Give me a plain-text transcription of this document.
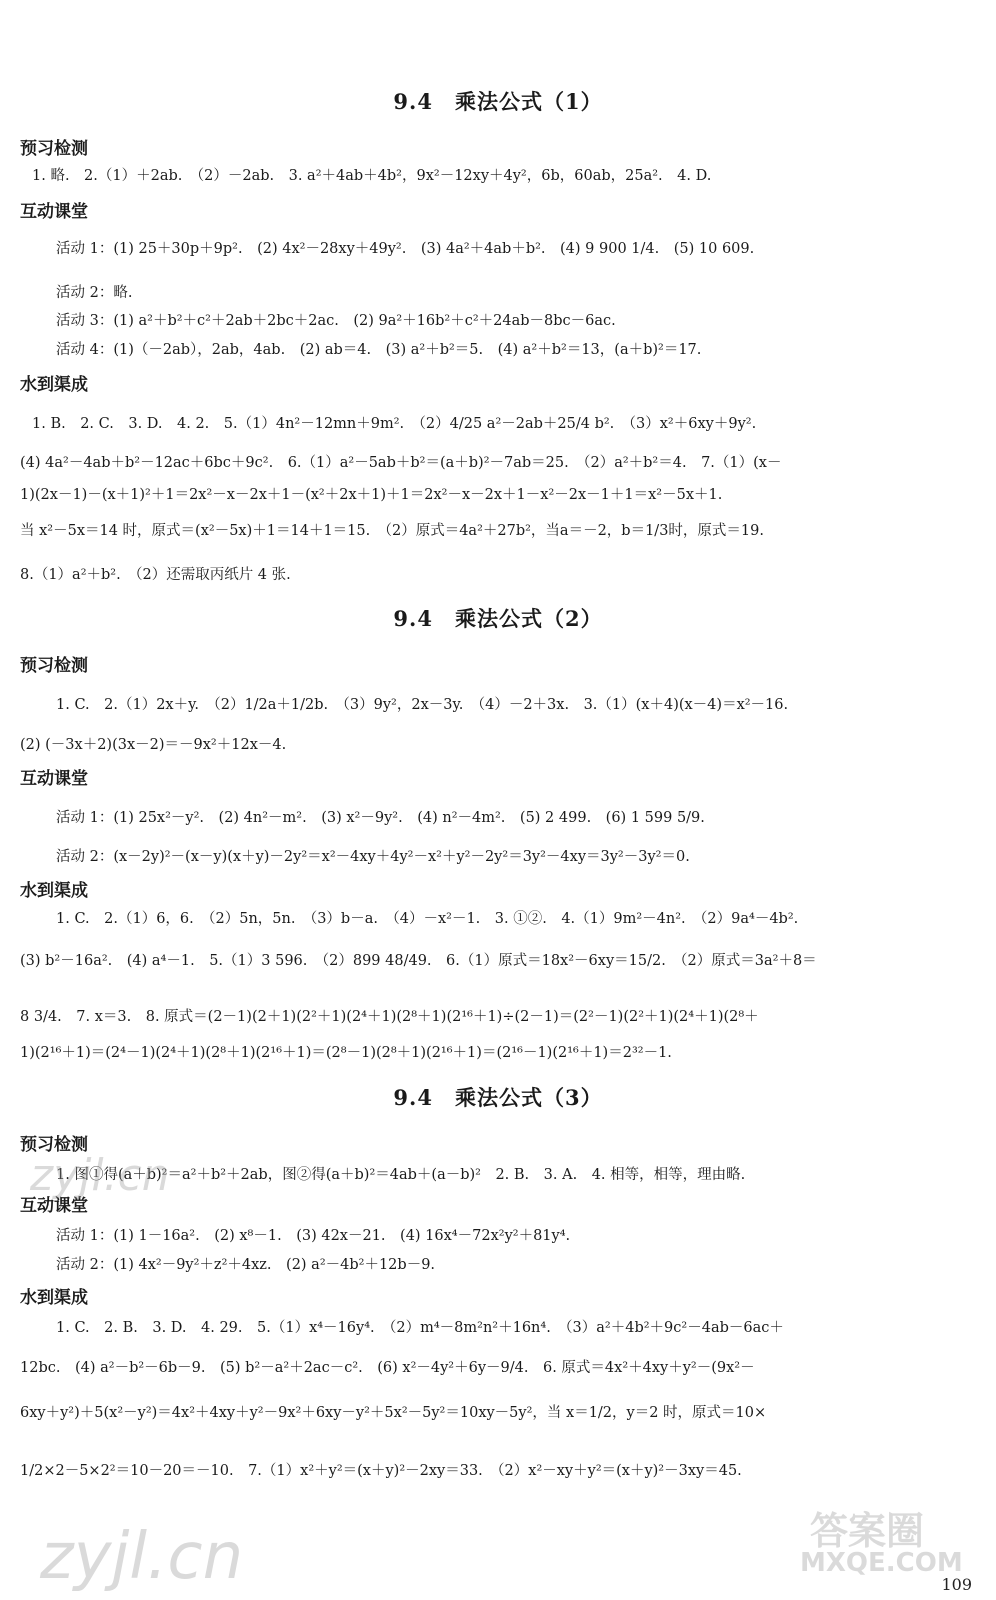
9.4　乘法公式（1）
预习检测
1. 略.　2.（1）＋2ab.　（2）－2ab.　3. a²＋4ab＋4b²，9x²－12xy＋4y²，6b，60ab，25a².　4. D.
互动课堂
活动 1：(1) 25＋30p＋9p².　(2) 4x²－28xy＋49y².　(3) 4a²＋4ab＋b².　(4) 9 900 1/4.　(5) 10 609.
活动 2：略.
活动 3：(1) a²＋b²＋c²＋2ab＋2bc＋2ac.　(2) 9a²＋16b²＋c²＋24ab－8bc－6ac.
活动 4：(1)（－2ab），2ab，4ab.　(2) ab＝4.　(3) a²＋b²＝5.　(4) a²＋b²＝13，(a＋b)²＝17.
水到渠成
1. B.　2. C.　3. D.　4. 2.　5.（1）4n²－12mn＋9m².　（2）4/25 a²－2ab＋25/4 b².　（3）x²＋6xy＋9y².
(4) 4a²－4ab＋b²－12ac＋6bc＋9c².　6.（1）a²－5ab＋b²＝(a＋b)²－7ab＝25.　（2）a²＋b²＝4.　7.（1）(x－
1)(2x－1)－(x＋1)²＋1＝2x²－x－2x＋1－(x²＋2x＋1)＋1＝2x²－x－2x＋1－x²－2x－1＋1＝x²－5x＋1.
当 x²－5x＝14 时，原式＝(x²－5x)＋1＝14＋1＝15.　（2）原式＝4a²＋27b²，当a＝－2，b＝1/3时，原式＝19.
8.（1）a²＋b².　（2）还需取丙纸片 4 张.
9.4　乘法公式（2）
预习检测
1. C.　2.（1）2x＋y.　（2）1/2a＋1/2b.　（3）9y²，2x－3y.　（4）－2＋3x.　3.（1）(x＋4)(x－4)＝x²－16.
(2) (－3x＋2)(3x－2)＝－9x²＋12x－4.
互动课堂
活动 1：(1) 25x²－y².　(2) 4n²－m².　(3) x²－9y².　(4) n²－4m².　(5) 2 499.　(6) 1 599 5/9.
活动 2：(x－2y)²－(x－y)(x＋y)－2y²＝x²－4xy＋4y²－x²＋y²－2y²＝3y²－4xy＝3y²－3y²＝0.
水到渠成
1. C.　2.（1）6，6.　（2）5n，5n.　（3）b－a.　（4）－x²－1.　3. ①②.　4.（1）9m²－4n².　（2）9a⁴－4b².
(3) b²－16a².　(4) a⁴－1.　5.（1）3 596.　（2）899 48/49.　6.（1）原式＝18x²－6xy＝15/2.　（2）原式＝3a²＋8＝
8 3/4.　7. x＝3.　8. 原式＝(2－1)(2＋1)(2²＋1)(2⁴＋1)(2⁸＋1)(2¹⁶＋1)÷(2－1)＝(2²－1)(2²＋1)(2⁴＋1)(2⁸＋
1)(2¹⁶＋1)＝(2⁴－1)(2⁴＋1)(2⁸＋1)(2¹⁶＋1)＝(2⁸－1)(2⁸＋1)(2¹⁶＋1)＝(2¹⁶－1)(2¹⁶＋1)＝2³²－1.
9.4　乘法公式（3）
预习检测
1. 图①得(a＋b)²＝a²＋b²＋2ab，图②得(a＋b)²＝4ab＋(a－b)²　2. B.　3. A.　4. 相等，相等，理由略.
互动课堂
活动 1：(1) 1－16a².　(2) x⁸－1.　(3) 42x－21.　(4) 16x⁴－72x²y²＋81y⁴.
活动 2：(1) 4x²－9y²＋z²＋4xz.　(2) a²－4b²＋12b－9.
水到渠成
1. C.　2. B.　3. D.　4. 29.　5.（1）x⁴－16y⁴.　（2）m⁴－8m²n²＋16n⁴.　（3）a²＋4b²＋9c²－4ab－6ac＋
12bc.　(4) a²－b²－6b－9.　(5) b²－a²＋2ac－c².　(6) x²－4y²＋6y－9/4.　6. 原式＝4x²＋4xy＋y²－(9x²－
6xy＋y²)＋5(x²－y²)＝4x²＋4xy＋y²－9x²＋6xy－y²＋5x²－5y²＝10xy－5y²，当 x＝1/2，y＝2 时，原式＝10×
1/2×2－5×2²＝10－20＝－10.　7.（1）x²＋y²＝(x＋y)²－2xy＝33.　（2）x²－xy＋y²＝(x＋y)²－3xy＝45.
zyjl.cn
zyjl.cn	答案圈
MXQE.COM
109
